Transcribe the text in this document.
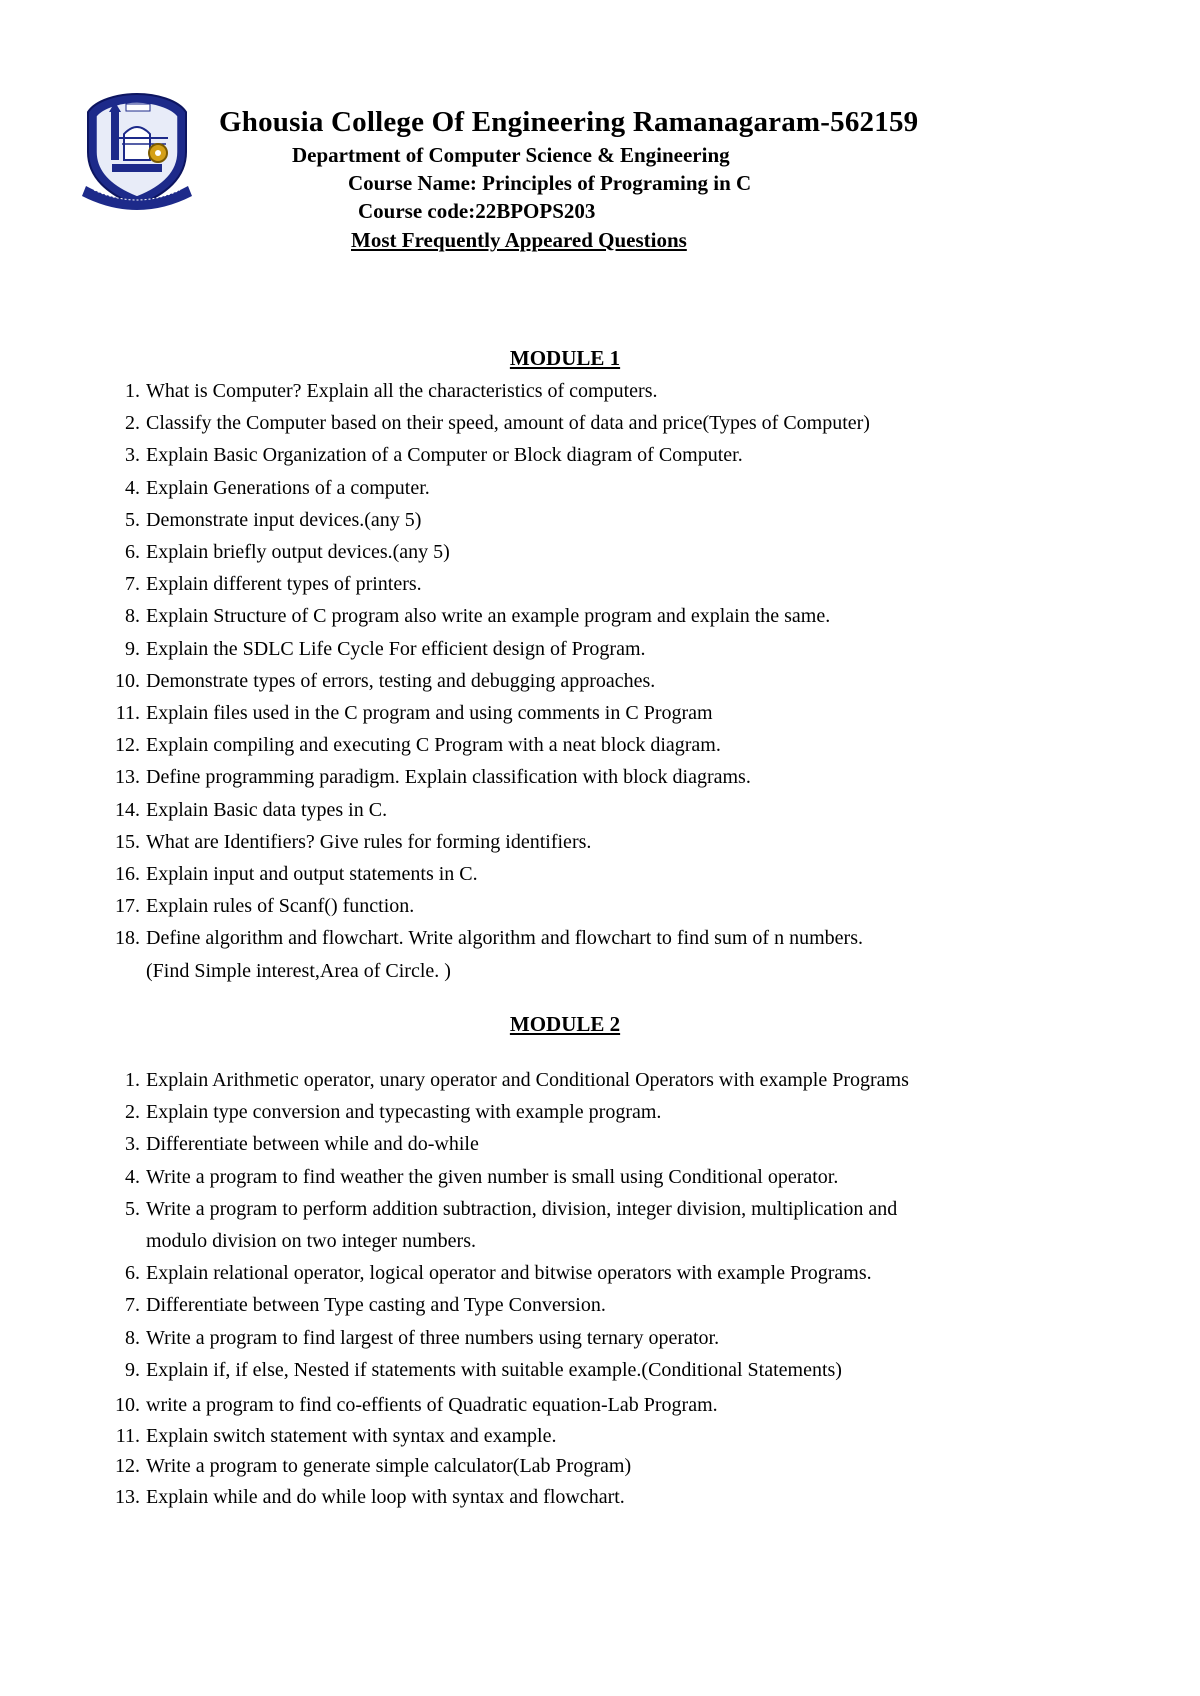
Ghousia College Of Engineering Ramanagaram-562159
Department of Computer Science & Engineering
Course Name: Principles of Programing in C
Course code:22BPOPS203
Most Frequently Appeared Questions
MODULE 1
1. What is Computer? Explain all the characteristics of computers.
2. Classify the Computer based on their speed, amount of data and price(Types of Computer)
3. Explain Basic Organization of a Computer or Block diagram of Computer.
4. Explain Generations of a computer.
5. Demonstrate input devices.(any 5)
6. Explain briefly output devices.(any 5)
7. Explain different types of printers.
8. Explain Structure of C program also write an example program and explain the same.
9. Explain the SDLC Life Cycle For efficient design of Program.
10. Demonstrate types of errors, testing and debugging approaches.
11. Explain files used in the C program and using comments in C Program
12. Explain compiling and executing C Program with a neat block diagram.
13. Define programming paradigm. Explain classification with block diagrams.
14. Explain Basic data types in C.
15. What are Identifiers? Give rules for forming identifiers.
16. Explain input and output statements in C.
17. Explain rules of Scanf() function.
18. Define algorithm and flowchart. Write algorithm and flowchart to find sum of n numbers.
(Find Simple interest,Area of Circle. )
MODULE 2
1. Explain Arithmetic operator, unary operator and Conditional Operators with example Programs
2. Explain type conversion and typecasting with example program.
3. Differentiate between while and do-while
4. Write a program to find weather the given number is small using Conditional operator.
5. Write a program to perform addition subtraction, division, integer division, multiplication and
modulo division on two integer numbers.
6. Explain relational operator, logical operator and bitwise operators with example Programs.
7. Differentiate between Type casting and Type Conversion.
8. Write a program to find largest of three numbers using ternary operator.
9. Explain if, if else, Nested if statements with suitable example.(Conditional Statements)
10. write a program to find co-effients of Quadratic equation-Lab Program.
11. Explain switch statement with syntax and example.
12. Write a program to generate simple calculator(Lab Program)
13. Explain while and do while loop with syntax and flowchart.
